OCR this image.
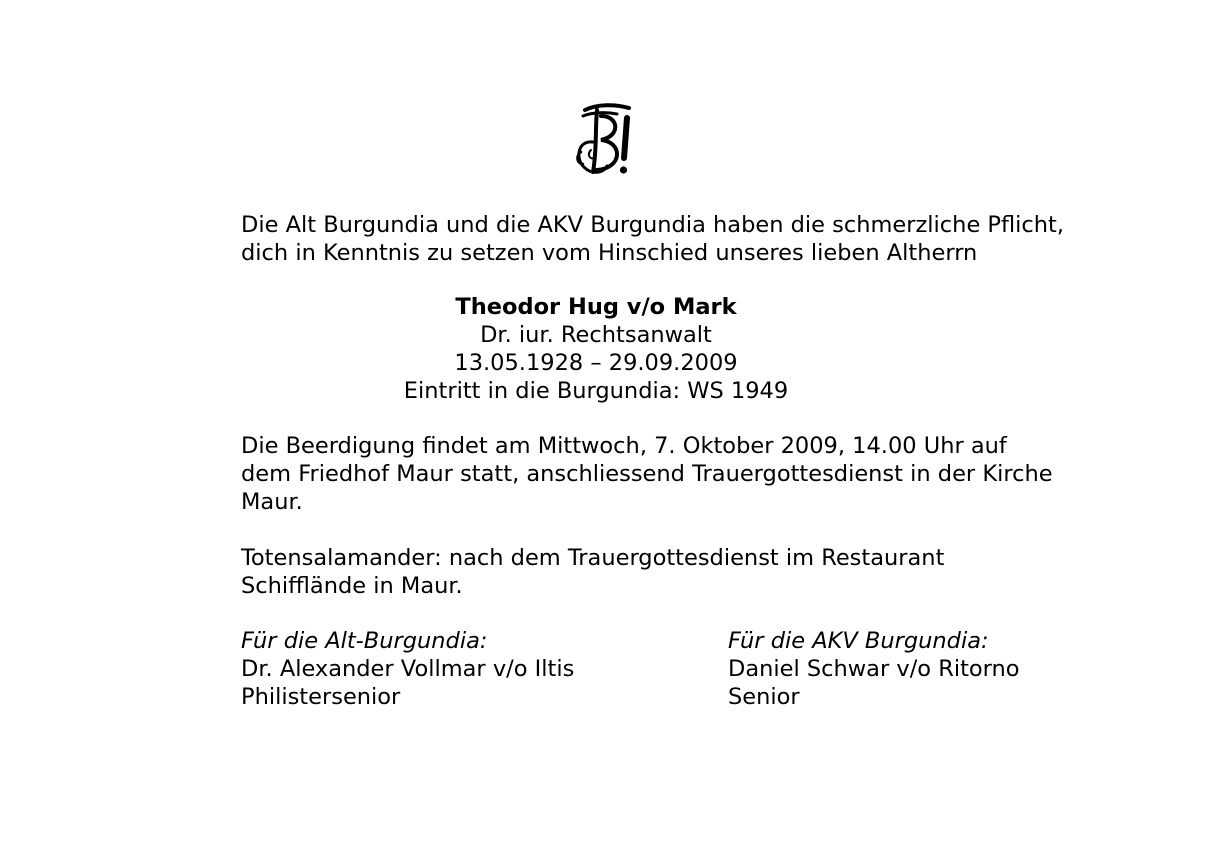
Die Alt Burgundia und die AKV Burgundia haben die schmerzliche Pflicht,
dich in Kenntnis zu setzen vom Hinschied unseres lieben Altherrn
Theodor Hug v/o Mark
Dr. iur. Rechtsanwalt
13.05.1928 – 29.09.2009
Eintritt in die Burgundia: WS 1949
Die Beerdigung findet am Mittwoch, 7. Oktober 2009, 14.00 Uhr auf
dem Friedhof Maur statt, anschliessend Trauergottesdienst in der Kirche
Maur.
Totensalamander: nach dem Trauergottesdienst im Restaurant
Schifflände in Maur.
Für die Alt-Burgundia:
Dr. Alexander Vollmar v/o Iltis
Philistersenior
Für die AKV Burgundia:
Daniel Schwar v/o Ritorno
Senior
